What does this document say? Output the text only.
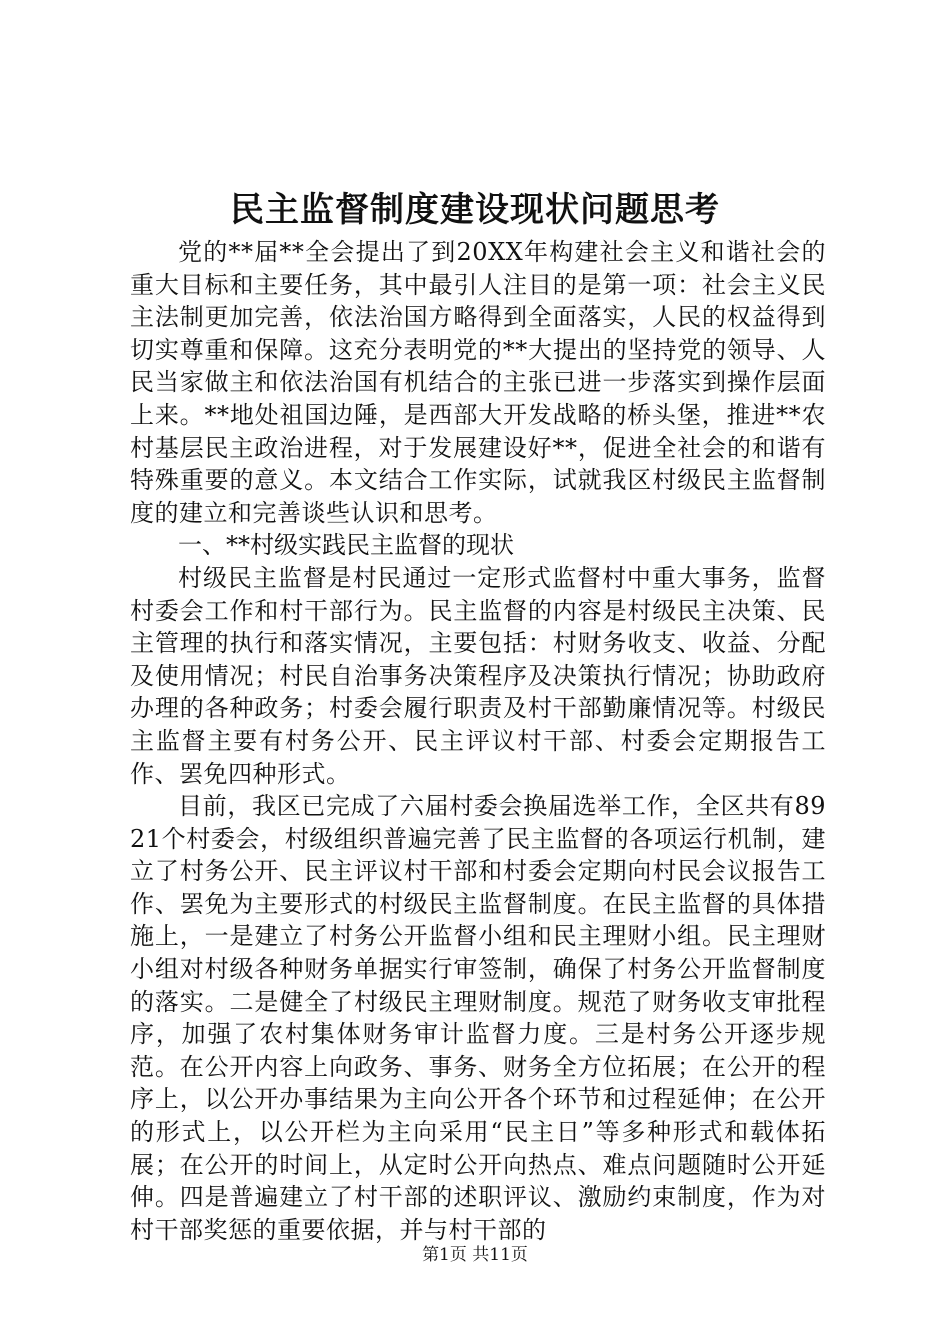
民主监督制度建设现状问题思考

党的**届**全会提出了到20XX年构建社会主义和谐社会的重大目标和主要任务，其中最引人注目的是第一项：社会主义民主法制更加完善，依法治国方略得到全面落实，人民的权益得到切实尊重和保障。这充分表明党的**大提出的坚持党的领导、人民当家做主和依法治国有机结合的主张已进一步落实到操作层面上来。**地处祖国边陲，是西部大开发战略的桥头堡，推进**农村基层民主政治进程，对于发展建设好**，促进全社会的和谐有特殊重要的意义。本文结合工作实际，试就我区村级民主监督制度的建立和完善谈些认识和思考。

一、**村级实践民主监督的现状

村级民主监督是村民通过一定形式监督村中重大事务，监督村委会工作和村干部行为。民主监督的内容是村级民主决策、民主管理的执行和落实情况，主要包括：村财务收支、收益、分配及使用情况；村民自治事务决策程序及决策执行情况；协助政府办理的各种政务；村委会履行职责及村干部勤廉情况等。村级民主监督主要有村务公开、民主评议村干部、村委会定期报告工作、罢免四种形式。

目前，我区已完成了六届村委会换届选举工作，全区共有8921个村委会，村级组织普遍完善了民主监督的各项运行机制，建立了村务公开、民主评议村干部和村委会定期向村民会议报告工作、罢免为主要形式的村级民主监督制度。在民主监督的具体措施上，一是建立了村务公开监督小组和民主理财小组。民主理财小组对村级各种财务单据实行审签制，确保了村务公开监督制度的落实。二是健全了村级民主理财制度。规范了财务收支审批程序，加强了农村集体财务审计监督力度。三是村务公开逐步规范。在公开内容上向政务、事务、财务全方位拓展；在公开的程序上，以公开办事结果为主向公开各个环节和过程延伸；在公开的形式上，以公开栏为主向采用“民主日”等多种形式和载体拓展；在公开的时间上，从定时公开向热点、难点问题随时公开延伸。四是普遍建立了村干部的述职评议、激励约束制度，作为对村干部奖惩的重要依据，并与村干部的

第1页 共11页
